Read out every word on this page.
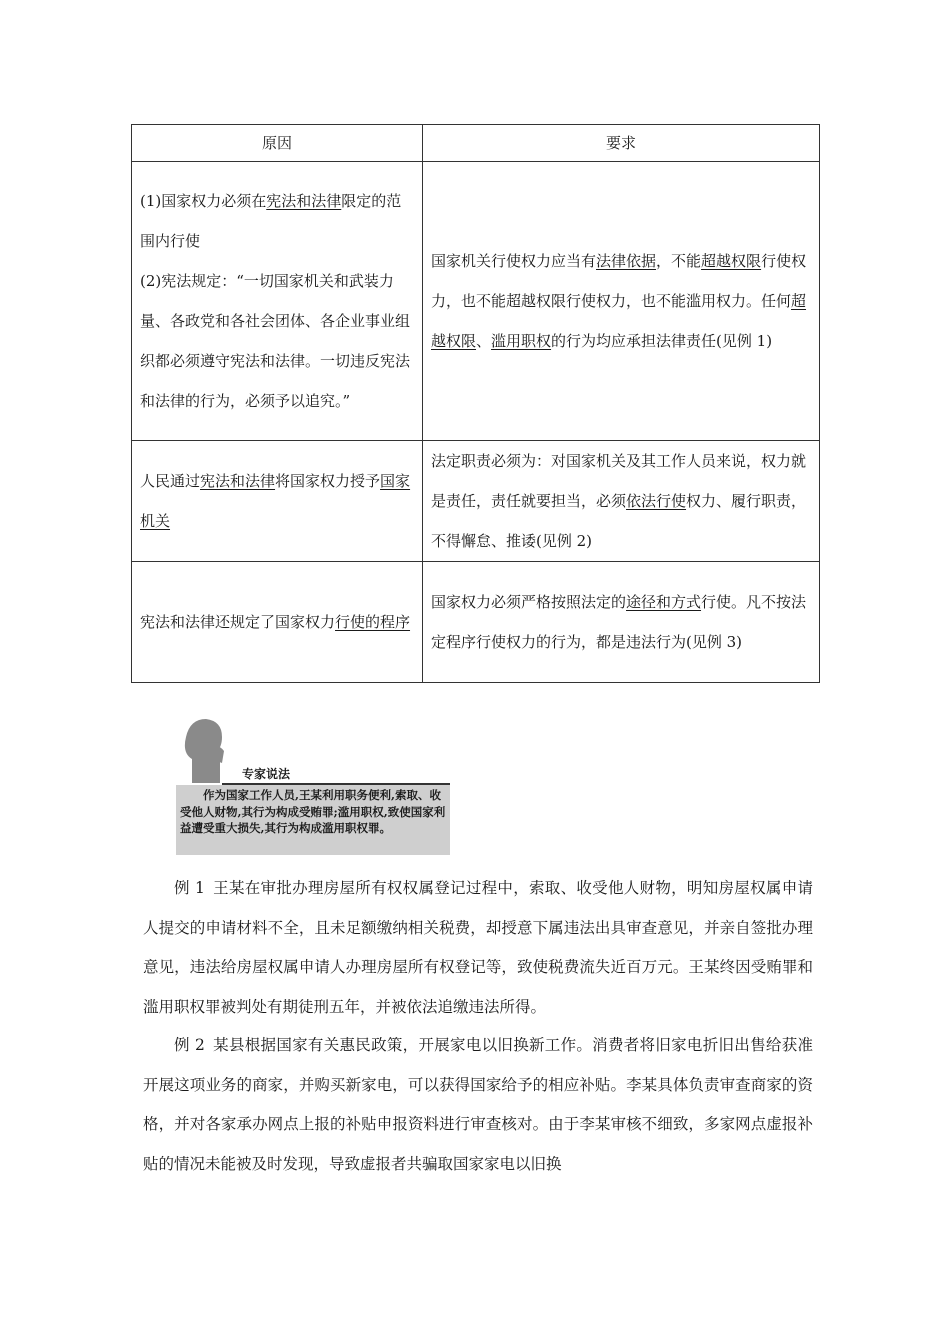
原因	要求
(1)国家权力必须在宪法和法律限定的范围内行使
(2)宪法规定：“一切国家机关和武装力量、各政党和各社会团体、各企业事业组织都必须遵守宪法和法律。一切违反宪法和法律的行为，必须予以追究。”	国家机关行使权力应当有法律依据，不能超越权限行使权力，也不能超越权限行使权力，也不能滥用权力。任何超越权限、滥用职权的行为均应承担法律责任(见例 1)
人民通过宪法和法律将国家权力授予国家机关	法定职责必须为：对国家机关及其工作人员来说，权力就是责任，责任就要担当，必须依法行使权力、履行职责，不得懈怠、推诿(见例 2)
宪法和法律还规定了国家权力行使的程序	国家权力必须严格按照法定的途径和方式行使。凡不按法定程序行使权力的行为，都是违法行为(见例 3)
专家说法
作为国家工作人员,王某利用职务便利,索取、收受他人财物,其行为构成受贿罪;滥用职权,致使国家利益遭受重大损失,其行为构成滥用职权罪。

例 1 王某在审批办理房屋所有权权属登记过程中，索取、收受他人财物，明知房屋权属申请人提交的申请材料不全，且未足额缴纳相关税费，却授意下属违法出具审查意见，并亲自签批办理意见，违法给房屋权属申请人办理房屋所有权登记等，致使税费流失近百万元。王某终因受贿罪和滥用职权罪被判处有期徒刑五年，并被依法追缴违法所得。

例 2 某县根据国家有关惠民政策，开展家电以旧换新工作。消费者将旧家电折旧出售给获准开展这项业务的商家，并购买新家电，可以获得国家给予的相应补贴。李某具体负责审查商家的资格，并对各家承办网点上报的补贴申报资料进行审查核对。由于李某审核不细致，多家网点虚报补贴的情况未能被及时发现，导致虚报者共骗取国家家电以旧换
